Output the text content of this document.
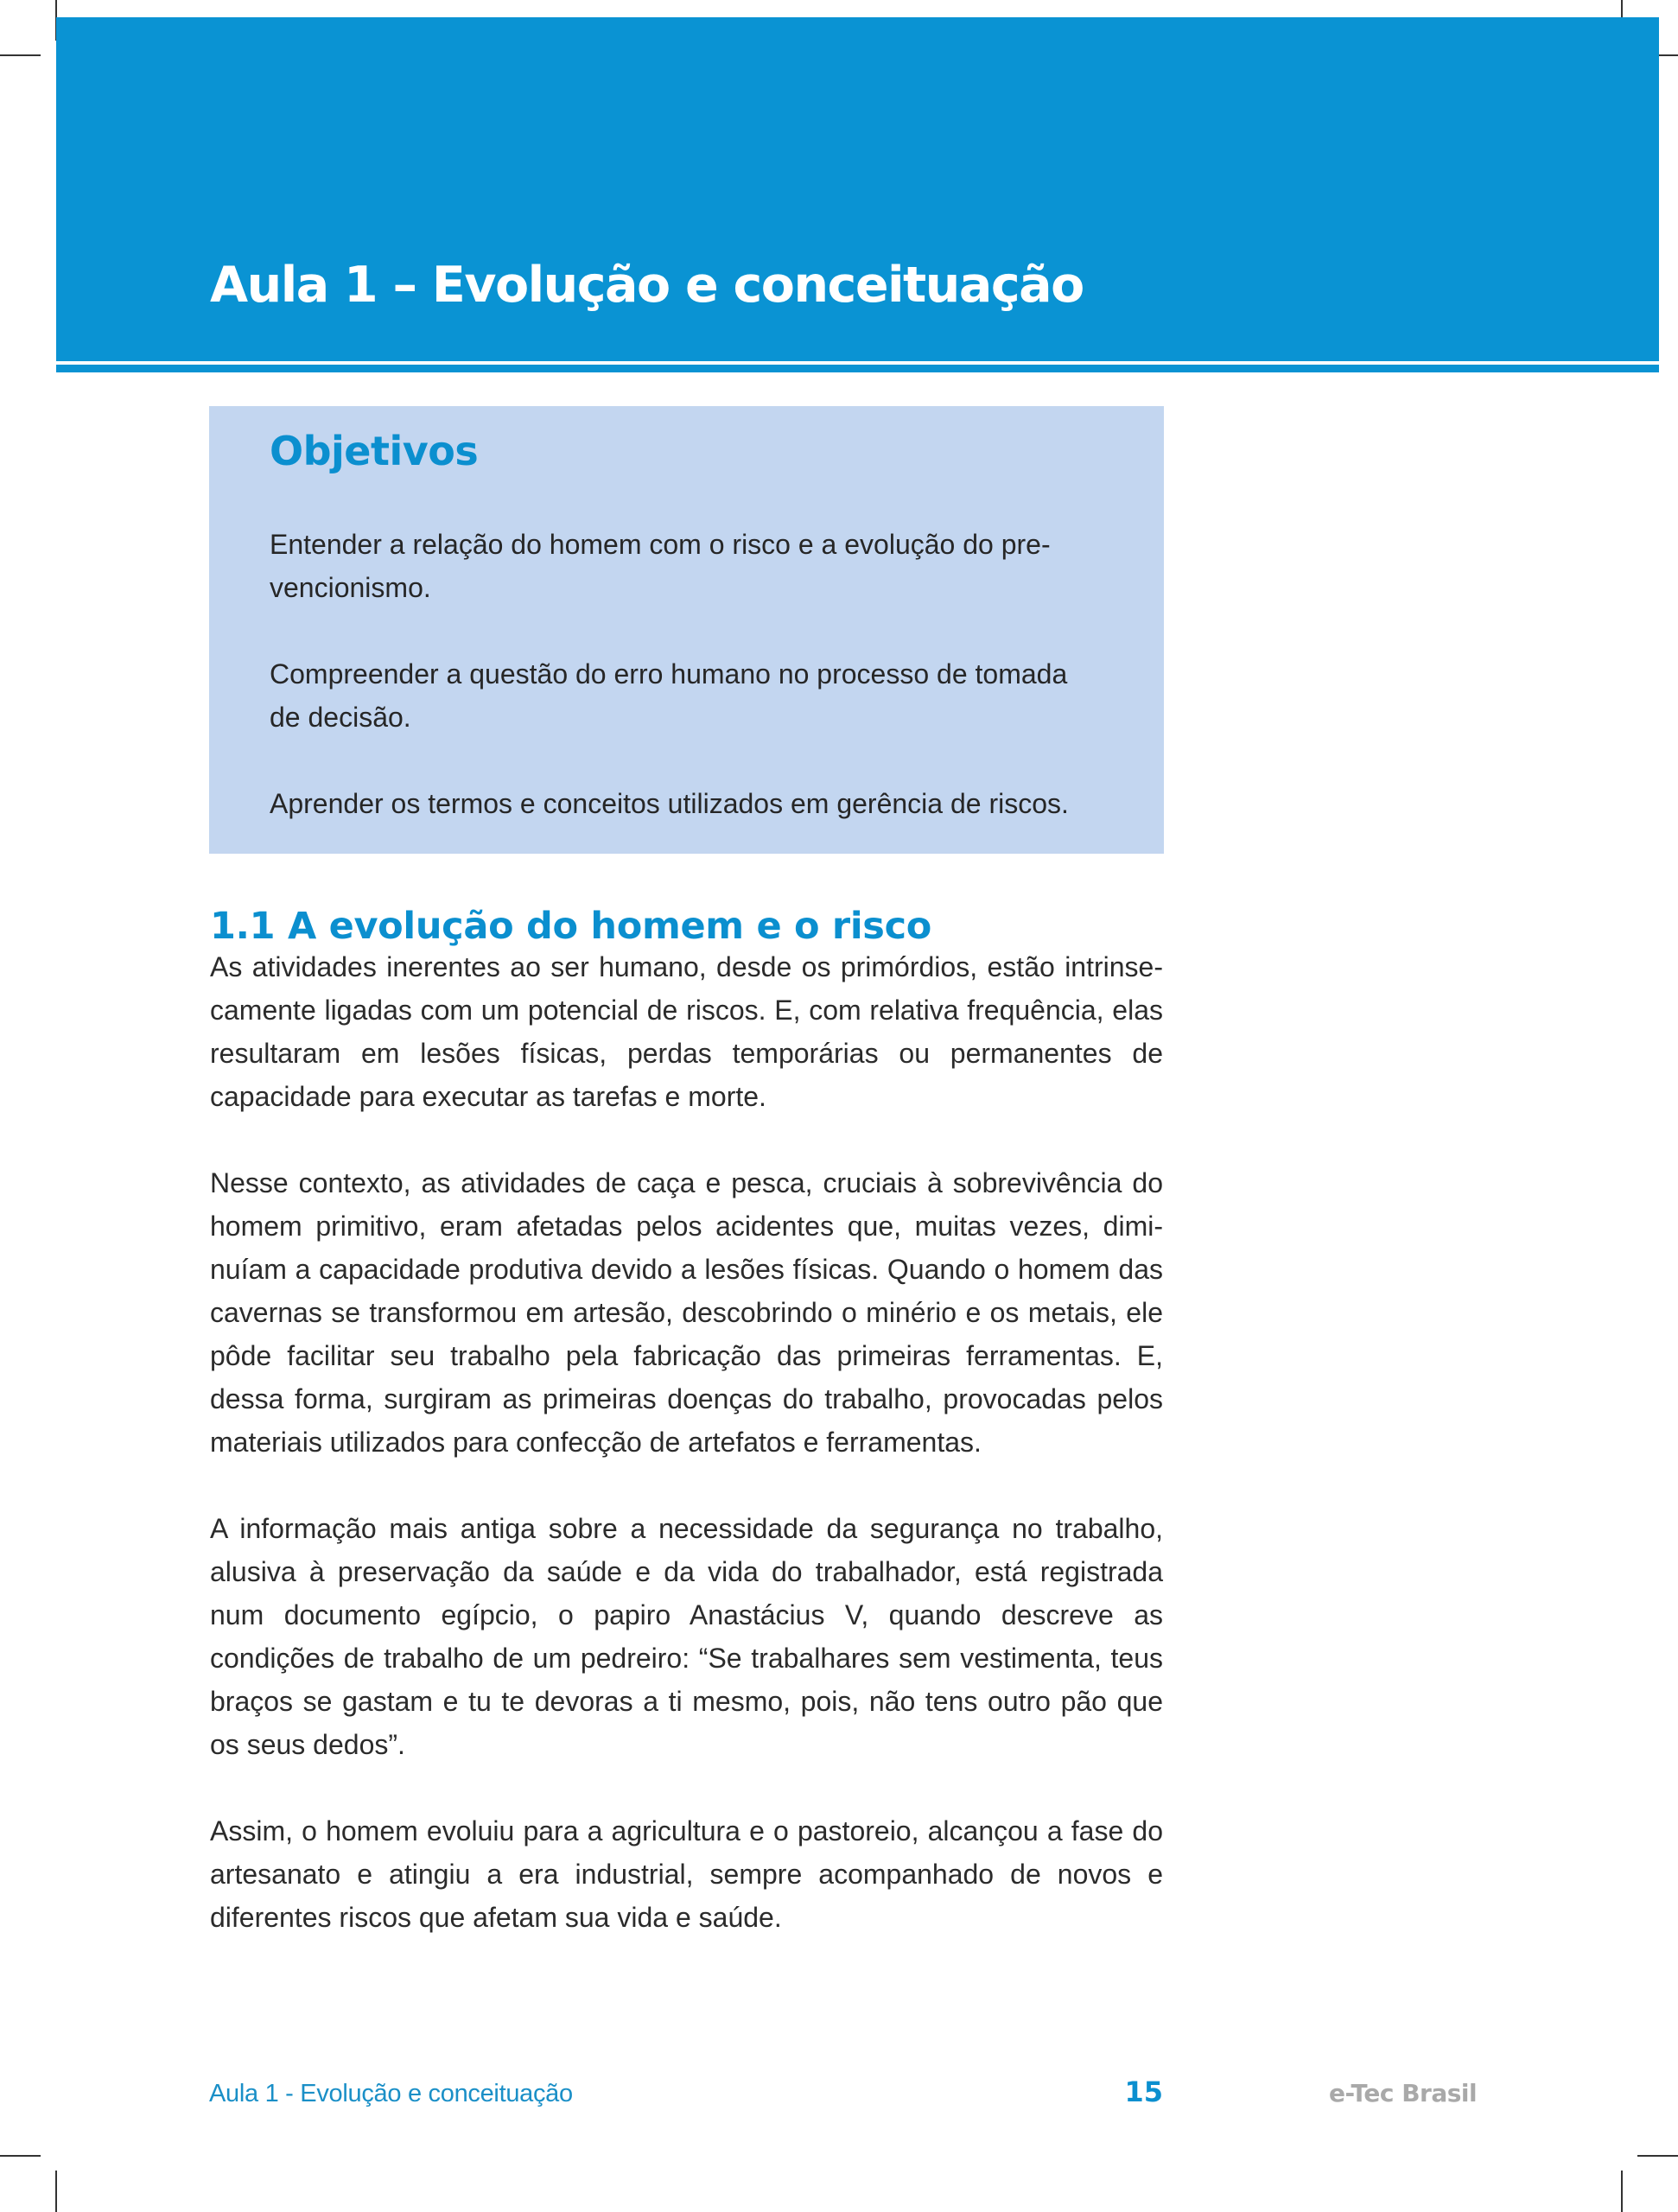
Aula 1 – Evolução e conceituação
Objetivos

Entender a relação do homem com o risco e a evolução do pre- vencionismo.

Compreender a questão do erro humano no processo de tomada de decisão.

Aprender os termos e conceitos utilizados em gerência de riscos.

1.1 A evolução do homem e o risco

As atividades inerentes ao ser humano, desde os primórdios, estão intrinsecamente ligadas com um potencial de riscos. E, com relativa frequência, elas resultaram em lesões físicas, perdas temporárias ou permanentes de capacidade para executar as tarefas e morte.

Nesse contexto, as atividades de caça e pesca, cruciais à sobrevivência do homem primitivo, eram afetadas pelos acidentes que, muitas vezes, diminuíam a capacidade produtiva devido a lesões físicas. Quando o homem das cavernas se transformou em artesão, descobrindo o minério e os metais, ele pôde facilitar seu trabalho pela fabricação das primeiras ferramentas. E, dessa forma, surgiram as primeiras doenças do trabalho, provocadas pelos materiais utilizados para confecção de artefatos e ferramentas.

A informação mais antiga sobre a necessidade da segurança no trabalho, alusiva à preservação da saúde e da vida do trabalhador, está registrada num documento egípcio, o papiro Anastácius V, quando descreve as condições de trabalho de um pedreiro: “Se trabalhares sem vestimenta, teus braços se gastam e tu te devoras a ti mesmo, pois, não tens outro pão que os seus dedos”.

Assim, o homem evoluiu para a agricultura e o pastoreio, alcançou a fase do artesanato e atingiu a era industrial, sempre acompanhado de novos e diferentes riscos que afetam sua vida e saúde.

Aula 1 - Evolução e conceituação	15	e-Tec Brasil
